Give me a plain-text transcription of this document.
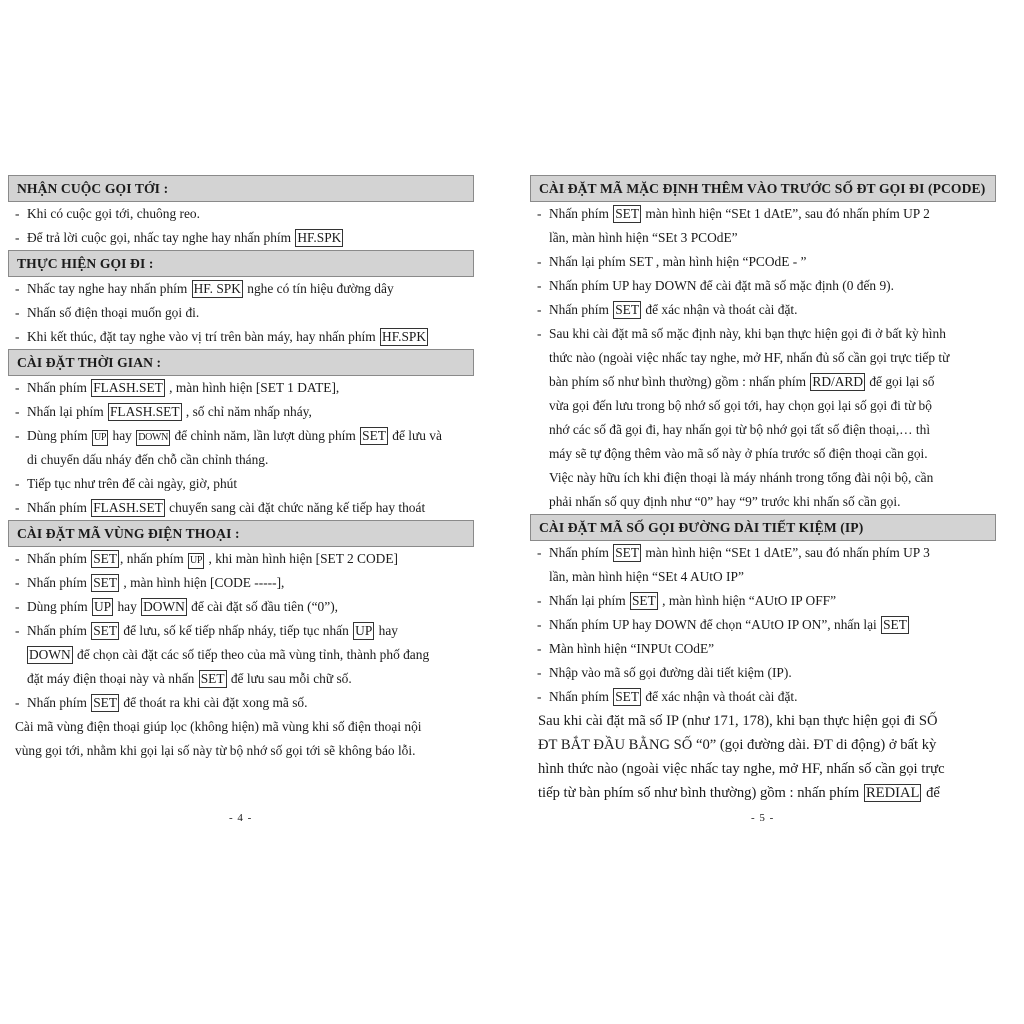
NHẬN CUỘC GỌI TỚI :
- Khi có cuộc gọi tới, chuông reo.
- Để trả lời cuộc gọi, nhấc tay nghe hay nhấn phím HF.SPK
THỰC HIỆN GỌI ĐI :
- Nhấc tay nghe hay nhấn phím HF. SPK nghe có tín hiệu đường dây
- Nhấn số điện thoại muốn gọi đi.
- Khi kết thúc, đặt tay nghe vào vị trí trên bàn máy, hay nhấn phím HF.SPK
CÀI ĐẶT THỜI GIAN :
- Nhấn phím FLASH.SET , màn hình hiện [SET 1 DATE],
- Nhấn lại phím FLASH.SET , số chỉ năm nhấp nháy,
- Dùng phím UP hay DOWN để chỉnh năm, lần lượt dùng phím SET để lưu và
di chuyển dấu nháy đến chỗ cần chỉnh tháng.
- Tiếp tục như trên để cài ngày, giờ, phút
- Nhấn phím FLASH.SET chuyển sang cài đặt chức năng kế tiếp hay thoát
CÀI ĐẶT MÃ VÙNG ĐIỆN THOẠI :
- Nhấn phím SET , nhấn phím UP , khi màn hình hiện [SET 2 CODE]
- Nhấn phím SET , màn hình hiện [CODE -----],
- Dùng phím UP hay DOWN để cài đặt số đầu tiên (“0”),
- Nhấn phím SET để lưu, số kế tiếp nhấp nháy, tiếp tục nhấn UP hay
DOWN để chọn cài đặt các số tiếp theo của mã vùng tỉnh, thành phố đang
đặt máy điện thoại này và nhấn SET để lưu sau mỗi chữ số.
- Nhấn phím SET để thoát ra khi cài đặt xong mã số.
Cài mã vùng điện thoại giúp lọc (không hiện) mã vùng khi số điện thoại nội
vùng gọi tới, nhằm khi gọi lại số này từ bộ nhớ số gọi tới sẽ không báo lỗi.
- 4 -
CÀI ĐẶT MÃ MẶC ĐỊNH THÊM VÀO TRƯỚC SỐ ĐT GỌI ĐI (PCODE)
- Nhấn phím SET màn hình hiện “SEt 1 dAtE”, sau đó nhấn phím UP 2
lần, màn hình hiện “SEt 3 PCOdE”
- Nhấn lại phím SET , màn hình hiện “PCOdE - ”
- Nhấn phím UP hay DOWN để cài đặt mã số mặc định (0 đến 9).
- Nhấn phím SET để xác nhận và thoát cài đặt.
- Sau khi cài đặt mã số mặc định này, khi bạn thực hiện gọi đi ở bất kỳ hình
thức nào (ngoài việc nhấc tay nghe, mở HF, nhấn đủ số cần gọi trực tiếp từ
bàn phím số như bình thường) gồm : nhấn phím RD/ARD để gọi lại số
vừa gọi đến lưu trong bộ nhớ số gọi tới, hay chọn gọi lại số gọi đi từ bộ
nhớ các số đã gọi đi, hay nhấn gọi từ bộ nhớ gọi tất số điện thoại,… thì
máy sẽ tự động thêm vào mã số này ở phía trước số điện thoại cần gọi.
Việc này hữu ích khi điện thoại là máy nhánh trong tổng đài nội bộ, cần
phải nhấn số quy định như “0” hay “9” trước khi nhấn số cần gọi.
CÀI ĐẶT MÃ SỐ GỌI ĐƯỜNG DÀI TIẾT KIỆM (IP)
- Nhấn phím SET màn hình hiện “SEt 1 dAtE”, sau đó nhấn phím UP 3
lần, màn hình hiện “SEt 4 AUtO IP”
- Nhấn lại phím SET , màn hình hiện “AUtO IP OFF”
- Nhấn phím UP hay DOWN để chọn “AUtO IP ON”, nhấn lại SET
- Màn hình hiện “INPUt COdE”
- Nhập vào mã số gọi đường dài tiết kiệm (IP).
- Nhấn phím SET để xác nhận và thoát cài đặt.
Sau khi cài đặt mã số IP (như 171, 178), khi bạn thực hiện gọi đi SỐ
ĐT BẮT ĐẦU BẰNG SỐ “0” (gọi đường dài. ĐT di động) ở bất kỳ
hình thức nào (ngoài việc nhấc tay nghe, mở HF, nhấn số cần gọi trực
tiếp từ bàn phím số như bình thường) gồm : nhấn phím REDIAL để
- 5 -
